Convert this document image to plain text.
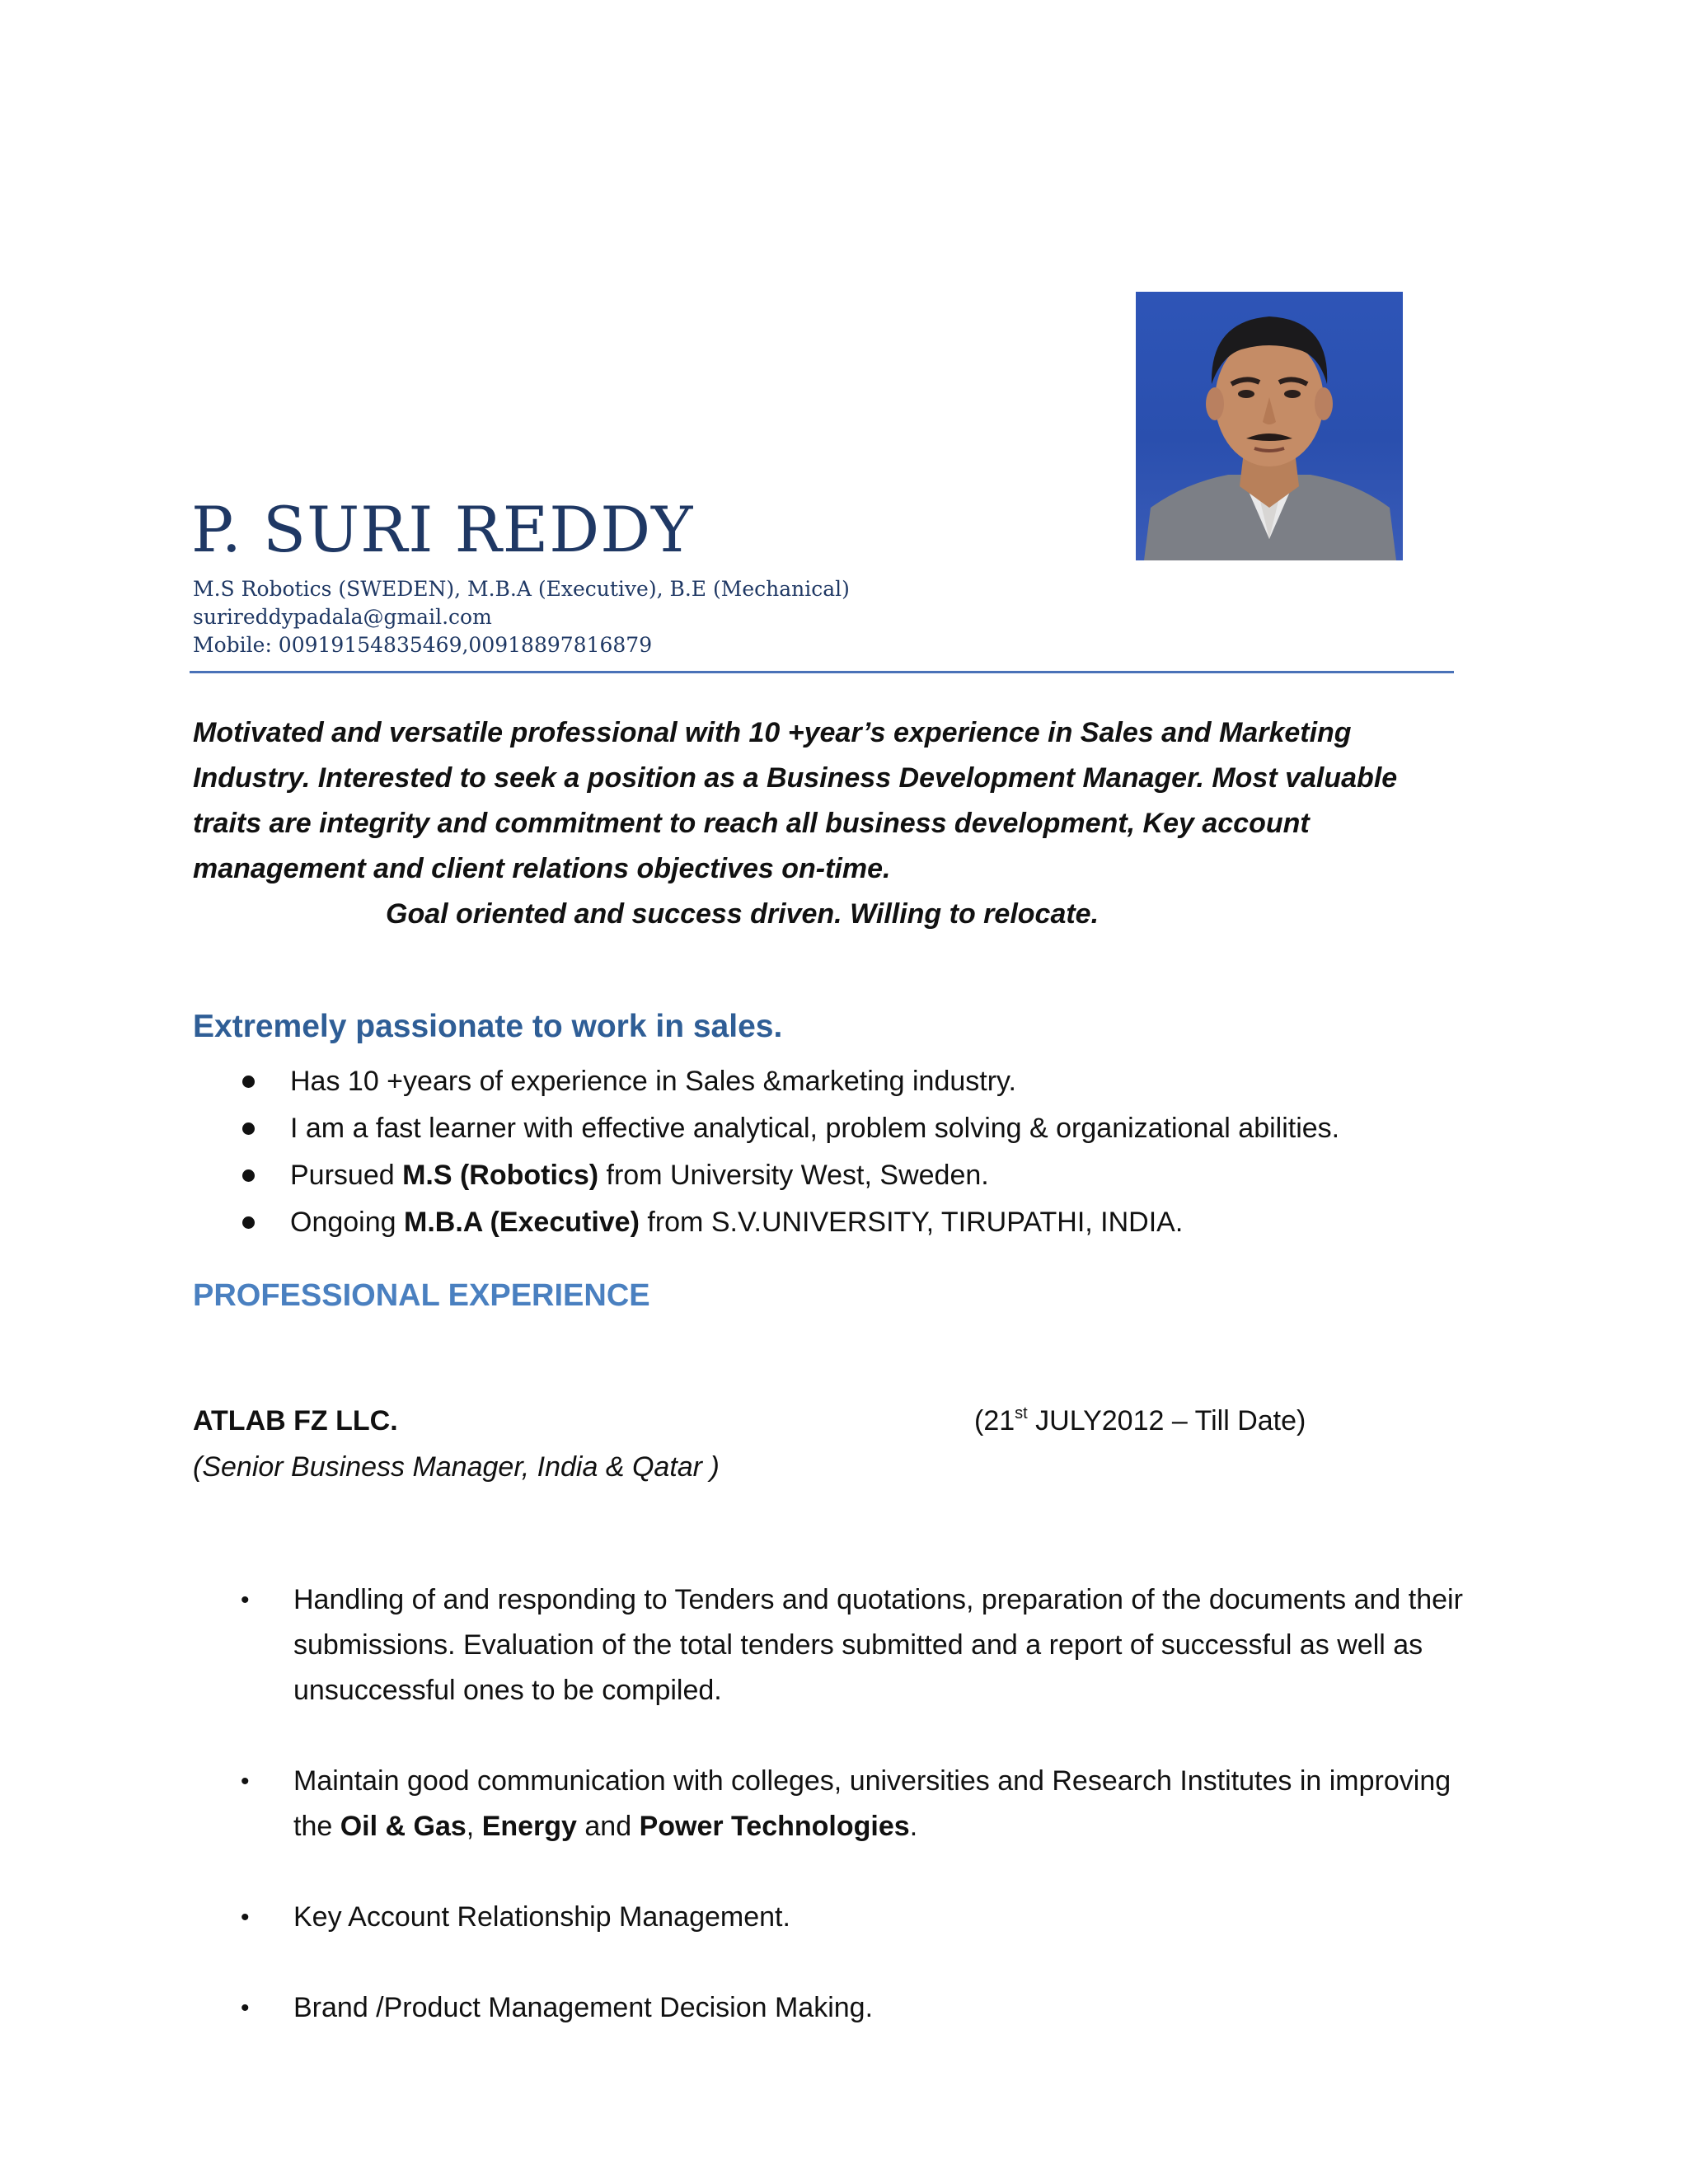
P. SURI REDDY
M.S Robotics (SWEDEN), M.B.A (Executive), B.E (Mechanical)
surireddypadala@gmail.com
Mobile: 00919154835469,00918897816879
Motivated and versatile professional with 10 +year’s experience in Sales and Marketing
Industry. Interested to seek a position as a Business Development Manager. Most valuable
traits are integrity and commitment to reach all business development, Key account
management and client relations objectives on-time.
Goal oriented and success driven. Willing to relocate.
Extremely passionate to work in sales.
Has 10 +years of experience in Sales &marketing industry.
I am a fast learner with effective analytical, problem solving & organizational abilities.
Pursued M.S (Robotics) from University West, Sweden.
Ongoing M.B.A (Executive) from S.V.UNIVERSITY, TIRUPATHI, INDIA.
PROFESSIONAL EXPERIENCE
ATLAB FZ LLC.	(21st JULY2012 – Till Date)
(Senior Business Manager, India & Qatar )
• Handling of and responding to Tenders and quotations, preparation of the documents and their submissions. Evaluation of the total tenders submitted and a report of successful as well as unsuccessful ones to be compiled.
• Maintain good communication with colleges, universities and Research Institutes in improving the Oil & Gas, Energy and Power Technologies.
• Key Account Relationship Management.
• Brand /Product Management Decision Making.
